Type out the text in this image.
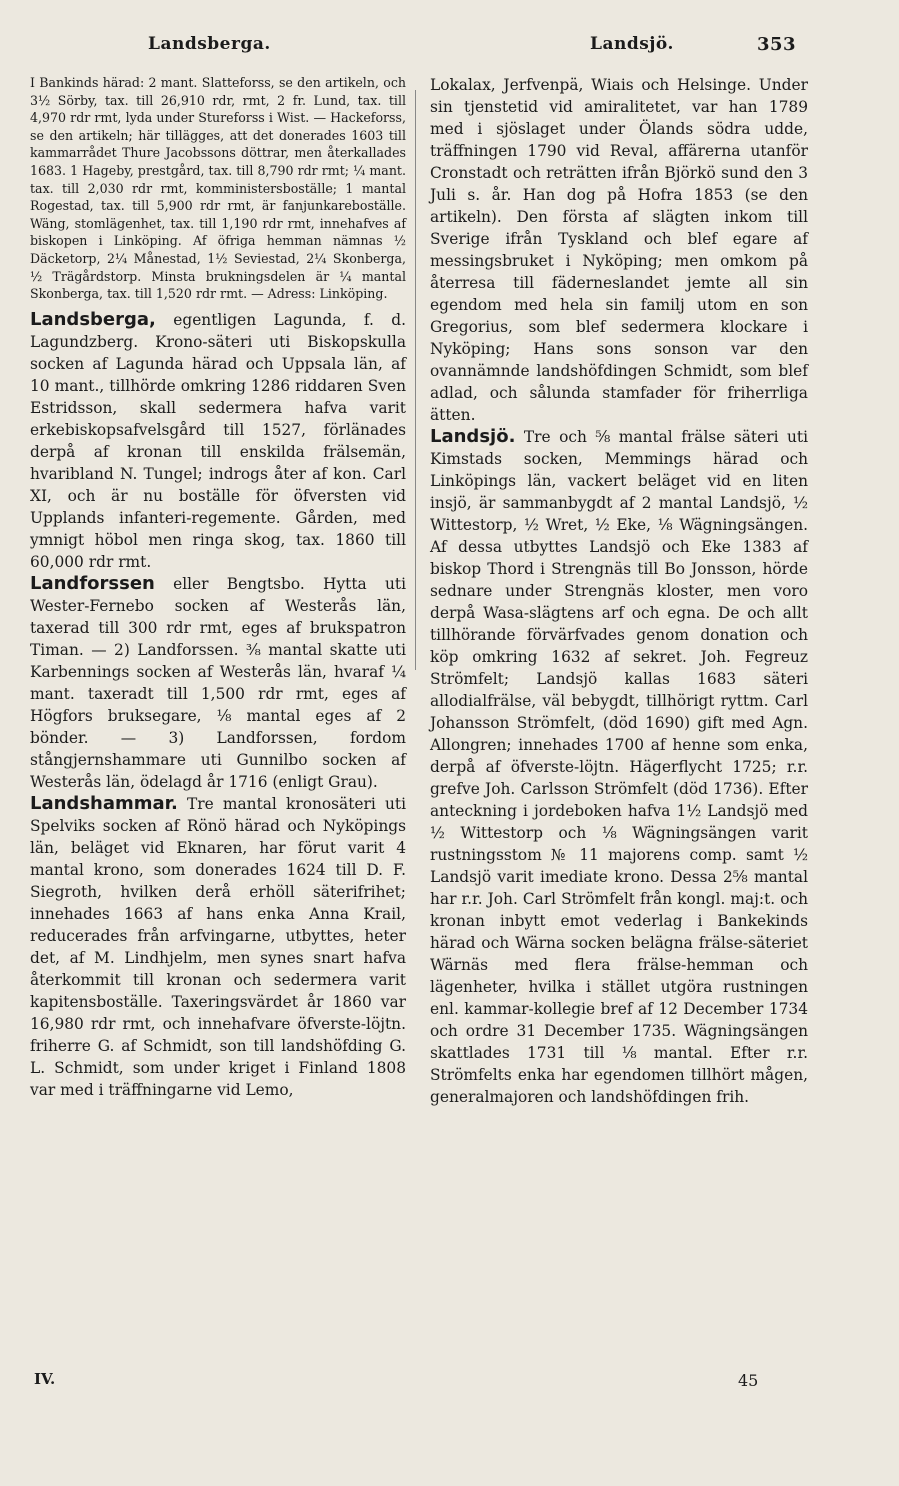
Landsberga.	Landsjö.	353

I Bankinds härad: 2 mant. Slatteforss, se den artikeln, och 3½ Sörby, tax. till 26,910 rdr, rmt, 2 fr. Lund, tax. till 4,970 rdr rmt, lyda under Stureforss i Wist. — Hackeforss, se den artikeln; här tillägges, att det donerades 1603 till kammarrådet Thure Jacobssons döttrar, men återkallades 1683. 1 Hageby, prestgård, tax. till 8,790 rdr rmt; ¼ mant. tax. till 2,030 rdr rmt, komministersboställe; 1 mantal Rogestad, tax. till 5,900 rdr rmt, är fanjunkareboställe. Wäng, stomlägenhet, tax. till 1,190 rdr rmt, innehafves af biskopen i Linköping. Af öfriga hemman nämnas ½ Däcketorp, 2¼ Månestad, 1½ Seviestad, 2¼ Skonberga, ½ Trägårdstorp. Minsta brukningsdelen är ¼ mantal Skonberga, tax. till 1,520 rdr rmt. — Adress: Linköping.

Landsberga, egentligen Lagunda, f. d. Lagundzberg. Krono-säteri uti Biskopskulla socken af Lagunda härad och Uppsala län, af 10 mant., tillhörde omkring 1286 riddaren Sven Estridsson, skall sedermera hafva varit erkebiskopsafvelsgård till 1527, förlänades derpå af kronan till enskilda frälsemän, hvaribland N. Tungel; indrogs åter af kon. Carl XI, och är nu boställe för öfversten vid Upplands infanteri-regemente. Gården, med ymnigt höbol men ringa skog, tax. 1860 till 60,000 rdr rmt.

Landforssen eller Bengtsbo. Hytta uti Wester-Fernebo socken af Westerås län, taxerad till 300 rdr rmt, eges af brukspatron Timan. — 2) Landforssen. ³⁄₈ mantal skatte uti Karbennings socken af Westerås län, hvaraf ¼ mant. taxeradt till 1,500 rdr rmt, eges af Högfors bruksegare, ⅛ mantal eges af 2 bönder. — 3) Landforssen, fordom stångjernshammare uti Gunnilbo socken af Westerås län, ödelagd år 1716 (enligt Grau).

Landshammar. Tre mantal kronosäteri uti Spelviks socken af Rönö härad och Nyköpings län, beläget vid Eknaren, har förut varit 4 mantal krono, som donerades 1624 till D. F. Siegroth, hvilken derå erhöll säterifrihet; innehades 1663 af hans enka Anna Krail, reducerades från arfvingarne, utbyttes, heter det, af M. Lindhjelm, men synes snart hafva återkommit till kronan och sedermera varit kapitensboställe. Taxeringsvärdet år 1860 var 16,980 rdr rmt, och innehafvare öfverste-löjtn. friherre G. af Schmidt, son till landshöfding G. L. Schmidt, som under kriget i Finland 1808 var med i träffningarne vid Lemo,

Lokalax, Jerfvenpä, Wiais och Helsinge. Under sin tjenstetid vid amiralitetet, var han 1789 med i sjöslaget under Ölands södra udde, träffningen 1790 vid Reval, affärerna utanför Cronstadt och reträtten ifrån Björkö sund den 3 Juli s. år. Han dog på Hofra 1853 (se den artikeln). Den första af slägten inkom till Sverige ifrån Tyskland och blef egare af messingsbruket i Nyköping; men omkom på återresa till fäderneslandet jemte all sin egendom med hela sin familj utom en son Gregorius, som blef sedermera klockare i Nyköping; Hans sons sonson var den ovannämnde landshöfdingen Schmidt, som blef adlad, och sålunda stamfader för friherrliga ätten.

Landsjö. Tre och ⅝ mantal frälse säteri uti Kimstads socken, Memmings härad och Linköpings län, vackert beläget vid en liten insjö, är sammanbygdt af 2 mantal Landsjö, ½ Wittestorp, ½ Wret, ½ Eke, ⅛ Wägningsängen. Af dessa utbyttes Landsjö och Eke 1383 af biskop Thord i Strengnäs till Bo Jonsson, hörde sednare under Strengnäs kloster, men voro derpå Wasa-slägtens arf och egna. De och allt tillhörande förvärfvades genom donation och köp omkring 1632 af sekret. Joh. Fegreuz Strömfelt; Landsjö kallas 1683 säteri allodialfrälse, väl bebygdt, tillhörigt ryttm. Carl Johansson Strömfelt, (död 1690) gift med Agn. Allongren; innehades 1700 af henne som enka, derpå af öfverste-löjtn. Hägerflycht 1725; r.r. grefve Joh. Carlsson Strömfelt (död 1736). Efter anteckning i jordeboken hafva 1½ Landsjö med ½ Wittestorp och ⅛ Wägningsängen varit rustningsstom № 11 majorens comp. samt ½ Landsjö varit imediate krono. Dessa 2⅝ mantal har r.r. Joh. Carl Strömfelt från kongl. maj:t. och kronan inbytt emot vederlag i Bankekinds härad och Wärna socken belägna frälse-säteriet Wärnäs med flera frälse-hemman och lägenheter, hvilka i stället utgöra rustningen enl. kammar-kollegie bref af 12 December 1734 och ordre 31 December 1735. Wägningsängen skattlades 1731 till ⅛ mantal. Efter r.r. Strömfelts enka har egendomen tillhört mågen, generalmajoren och landshöfdingen frih.

IV.	45
